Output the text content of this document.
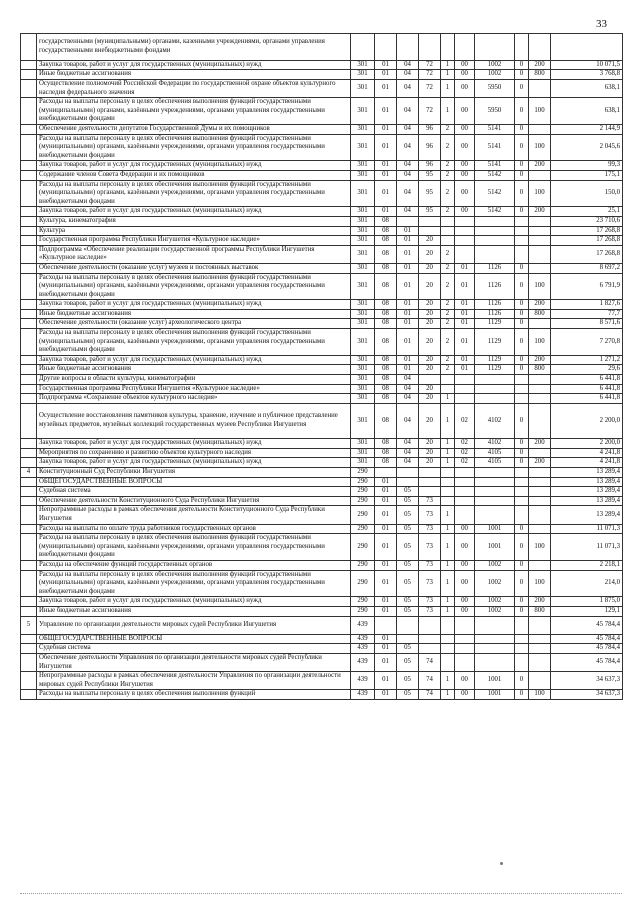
33
	государственными (муниципальными) органами, казенными учреждениями, органами управления государственными внебюджетными фондами										
	Закупка товаров, работ и услуг для государственных (муниципальных) нужд	301	01	04	72	1	00	1002	0	200	10 071,5
	Иные бюджетные ассигнования	301	01	04	72	1	00	1002	0	800	3 768,8
	Осуществление полномочий Российской Федерации по государственной охране объектов культурного наследия федерального значения	301	01	04	72	1	00	5950	0		638,1
	Расходы на выплаты персоналу в целях обеспечения выполнения функций государственными (муниципальными) органами, казёнными учреждениями, органами управления государственными внебюджетными фондами	301	01	04	72	1	00	5950	0	100	638,1
	Обеспечение деятельности депутатов Государственной Думы и их помощников	301	01	04	96	2	00	5141	0		2 144,9
	Расходы на выплаты персоналу в целях обеспечения выполнения функций государственными (муниципальными) органами, казёнными учреждениями, органами управления государственными внебюджетными фондами	301	01	04	96	2	00	5141	0	100	2 045,6
	Закупка товаров, работ и услуг для государственных (муниципальных) нужд	301	01	04	96	2	00	5141	0	200	99,3
	Содержание членов Совета Федерации и их помощников	301	01	04	95	2	00	5142	0		175,1
	Расходы на выплаты персоналу в целях обеспечения выполнения функций государственными (муниципальными) органами, казёнными учреждениями, органами управления государственными внебюджетными фондами	301	01	04	95	2	00	5142	0	100	150,0
	Закупка товаров, работ и услуг для государственных (муниципальных) нужд	301	01	04	95	2	00	5142	0	200	25,1
	Культура, кинематография	301	08								23 710,6
	Культура	301	08	01							17 268,8
	Государственная программа Республики Ингушетия «Культурное наследие»	301	08	01	20						17 268,8
	Подпрограмма «Обеспечение реализации государственной программы Республики Ингушетия «Культурное наследие»	301	08	01	20	2					17 268,8
	Обеспечение деятельности (оказание услуг) музеев и постоянных выставок	301	08	01	20	2	01	1126	0		8 697,2
	Расходы на выплаты персоналу в целях обеспечения выполнения функций государственными (муниципальными) органами, казёнными учреждениями, органами управления государственными внебюджетными фондами	301	08	01	20	2	01	1126	0	100	6 791,9
	Закупка товаров, работ и услуг для государственных (муниципальных) нужд	301	08	01	20	2	01	1126	0	200	1 827,6
	Иные бюджетные ассигнования	301	08	01	20	2	01	1126	0	800	77,7
	Обеспечение деятельности (оказание услуг) археологического центра	301	08	01	20	2	01	1129	0		8 571,6
	Расходы на выплаты персоналу в целях обеспечения выполнения функций государственными (муниципальными) органами, казёнными учреждениями, органами управления государственными внебюджетными фондами	301	08	01	20	2	01	1129	0	100	7 270,8
	Закупка товаров, работ и услуг для государственных (муниципальных) нужд	301	08	01	20	2	01	1129	0	200	1 271,2
	Иные бюджетные ассигнования	301	08	01	20	2	01	1129	0	800	29,6
	Другие вопросы в области культуры, кинематографии	301	08	04							6 441,8
	Государственная программа Республики Ингушетия «Культурное наследие»	301	08	04	20						6 441,8
	Подпрограмма «Сохранение объектов культурного наследия»	301	08	04	20	1					6 441,8
	Осуществление восстановления памятников культуры, хранение, изучение и публичное представление музейных предметов, музейных коллекций государственных музеев Республики Ингушетия	301	08	04	20	1	02	4102	0		2 200,0
	Закупка товаров, работ и услуг для государственных (муниципальных) нужд	301	08	04	20	1	02	4102	0	200	2 200,0
	Мероприятия по сохранению и развитию объектов культурного наследия	301	08	04	20	1	02	4105	0		4 241,8
	Закупка товаров, работ и услуг для государственных (муниципальных) нужд	301	08	04	20	1	02	4105	0	200	4 241,8
4	Конституционный Суд Республики Ингушетия	290									13 289,4
	ОБЩЕГОСУДАРСТВЕННЫЕ ВОПРОСЫ	290	01								13 289,4
	Судебная система	290	01	05							13 289,4
	Обеспечение деятельности Конституционного Суда Республики Ингушетия	290	01	05	73						13 289,4
	Непрограммные расходы в рамках обеспечения деятельности Конституционного Суда Республики Ингушетия	290	01	05	73	1					13 289,4
	Расходы на выплаты по оплате труда работников государственных органов	290	01	05	73	1	00	1001	0		11 071,3
	Расходы на выплаты персоналу в целях обеспечения выполнения функций государственными (муниципальными) органами, казёнными учреждениями, органами управления государственными внебюджетными фондами	290	01	05	73	1	00	1001	0	100	11 071,3
	Расходы на обеспечение функций государственных органов	290	01	05	73	1	00	1002	0		2 218,1
	Расходы на выплаты персоналу в целях обеспечения выполнения функций государственными (муниципальными) органами, казёнными учреждениями, органами управления государственными внебюджетными фондами	290	01	05	73	1	00	1002	0	100	214,0
	Закупка товаров, работ и услуг для государственных (муниципальных) нужд	290	01	05	73	1	00	1002	0	200	1 875,0
	Иные бюджетные ассигнования	290	01	05	73	1	00	1002	0	800	129,1
5	Управление по организации деятельности мировых судей Республики Ингушетия	439									45 784,4
	ОБЩЕГОСУДАРСТВЕННЫЕ ВОПРОСЫ	439	01								45 784,4
	Судебная система	439	01	05							45 784,4
	Обеспечение деятельности Управления по организации деятельности мировых судей Республики Ингушетия	439	01	05	74						45 784,4
	Непрограммные расходы в рамках обеспечения деятельности Управления по организации деятельности мировых судей Республики Ингушетия	439	01	05	74	1	00	1001	0		34 637,3
	Расходы на выплаты персоналу в целях обеспечения выполнения функций	439	01	05	74	1	00	1001	0	100	34 637,3
